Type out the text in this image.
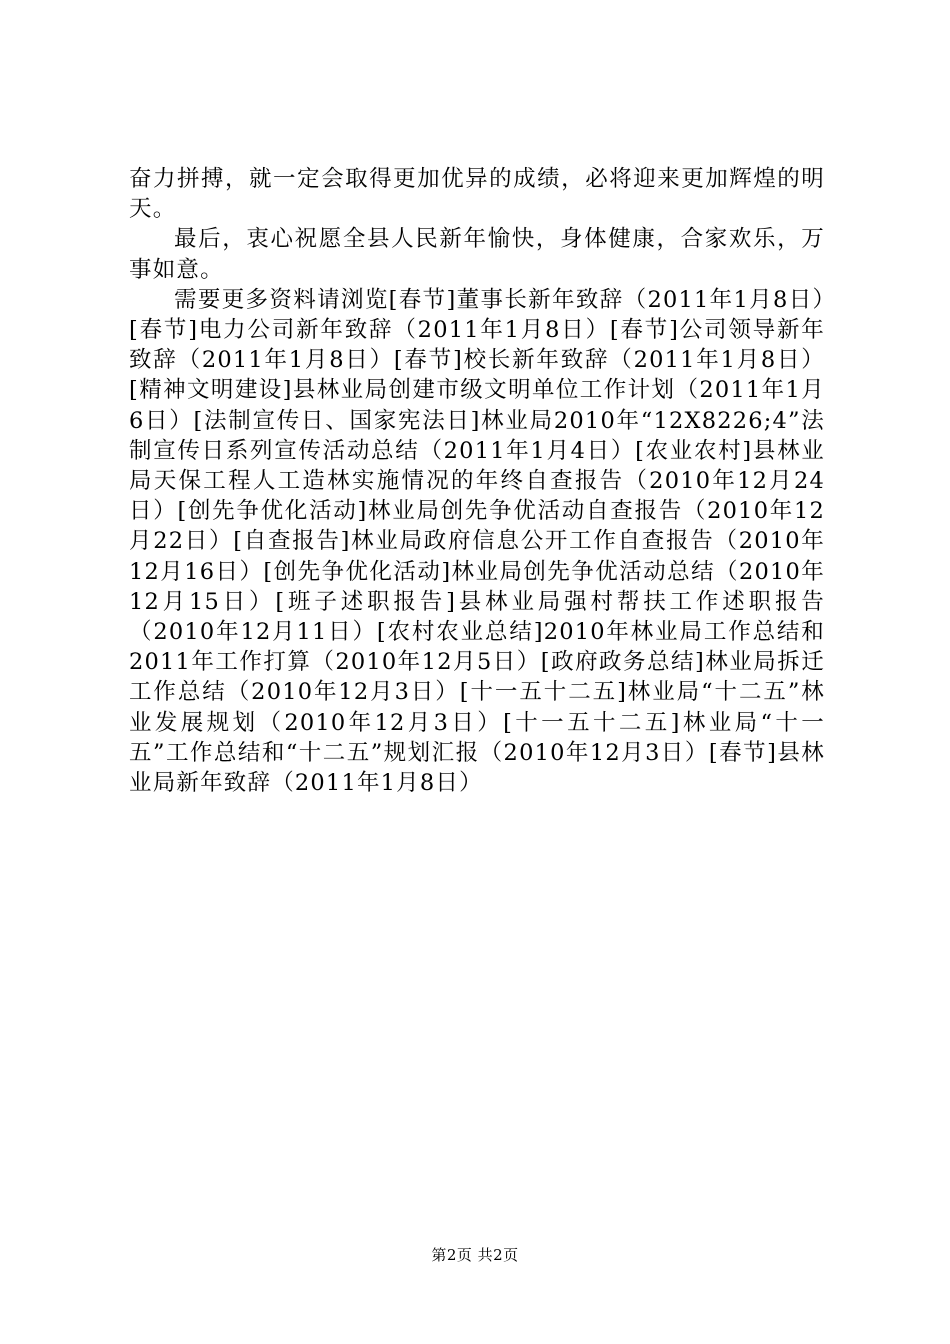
奋力拼搏，就一定会取得更加优异的成绩，必将迎来更加辉煌的明天。

最后，衷心祝愿全县人民新年愉快，身体健康，合家欢乐，万事如意。

需要更多资料请浏览[春节]董事长新年致辞（2011年1月8日）[春节]电力公司新年致辞（2011年1月8日）[春节]公司领导新年致辞（2011年1月8日）[春节]校长新年致辞（2011年1月8日）[精神文明建设]县林业局创建市级文明单位工作计划（2011年1月6日）[法制宣传日、国家宪法日]林业局2010年“12X8226;4”法制宣传日系列宣传活动总结（2011年1月4日）[农业农村]县林业局天保工程人工造林实施情况的年终自查报告（2010年12月24日）[创先争优化活动]林业局创先争优活动自查报告（2010年12月22日）[自查报告]林业局政府信息公开工作自查报告（2010年12月16日）[创先争优化活动]林业局创先争优活动总结（2010年12月15日）[班子述职报告]县林业局强村帮扶工作述职报告（2010年12月11日）[农村农业总结]2010年林业局工作总结和2011年工作打算（2010年12月5日）[政府政务总结]林业局拆迁工作总结（2010年12月3日）[十一五十二五]林业局“十二五”林业发展规划（2010年12月3日）[十一五十二五]林业局“十一五”工作总结和“十二五”规划汇报（2010年12月3日）[春节]县林业局新年致辞（2011年1月8日）

第2页 共2页
